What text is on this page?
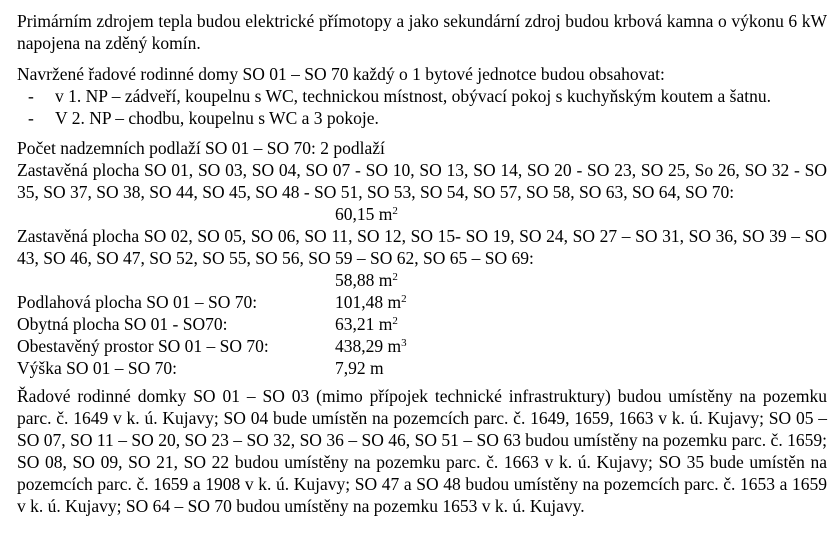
Primárním zdrojem tepla budou elektrické přímotopy a jako sekundární zdroj budou krbová kamna o výkonu 6 kW napojena na zděný komín.

Navržené řadové rodinné domy SO 01 – SO 70 každý o 1 bytové jednotce budou obsahovat:

- v 1. NP – zádveří, koupelnu s WC, technickou místnost, obývací pokoj s kuchyňským koutem a šatnu.
- V 2. NP – chodbu, koupelnu s WC a 3 pokoje.

Počet nadzemních podlaží SO 01 – SO 70: 2 podlaží

Zastavěná plocha SO 01, SO 03, SO 04, SO 07 - SO 10, SO 13, SO 14, SO 20 - SO 23, SO 25, So 26, SO 32 - SO 35, SO 37, SO 38, SO 44, SO 45, SO 48 - SO 51, SO 53, SO 54, SO 57, SO 58, SO 63, SO 64, SO 70:

60,15 $m^2$

Zastavěná plocha SO 02, SO 05, SO 06, SO 11, SO 12, SO 15- SO 19, SO 24, SO 27 – SO 31, SO 36, SO 39 – SO 43, SO 46, SO 47, SO 52, SO 55, SO 56, SO 59 – SO 62, SO 65 – SO 69:

58,88 $m^2$

Podlahová plocha SO 01 – SO 70:	101,48 $m^2$
Obytná plocha SO 01 - SO70:	63,21 $m^2$
Obestavěný prostor SO 01 – SO 70:	438,29 $m^3$
Výška SO 01 – SO 70:	7,92 m

Řadové rodinné domky SO 01 – SO 03 (mimo přípojek technické infrastruktury) budou umístěny na pozemku parc. č. 1649 v k. ú. Kujavy; SO 04 bude umístěn na pozemcích parc. č. 1649, 1659, 1663 v k. ú. Kujavy; SO 05 – SO 07, SO 11 – SO 20, SO 23 – SO 32, SO 36 – SO 46, SO 51 – SO 63 budou umístěny na pozemku parc. č. 1659; SO 08, SO 09, SO 21, SO 22 budou umístěny na pozemku parc. č. 1663 v k. ú. Kujavy; SO 35 bude umístěn na pozemcích parc. č. 1659 a 1908 v k. ú. Kujavy; SO 47 a SO 48 budou umístěny na pozemcích parc. č. 1653 a 1659 v k. ú. Kujavy; SO 64 – SO 70 budou umístěny na pozemku 1653 v k. ú. Kujavy.
